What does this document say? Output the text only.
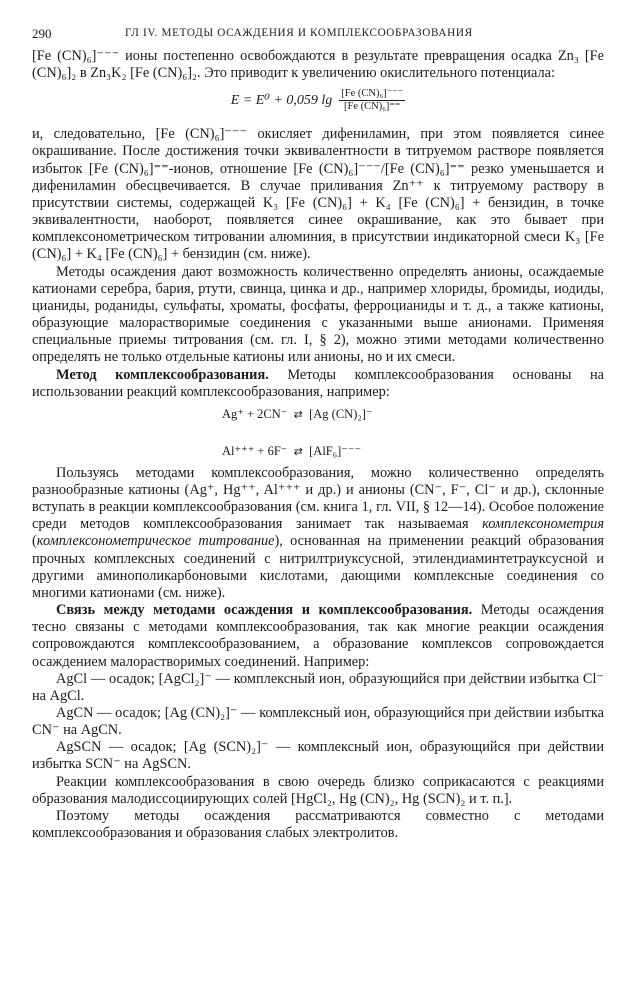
290	ГЛ IV. МЕТОДЫ ОСАЖДЕНИЯ И КОМПЛЕКСООБРАЗОВАНИЯ

[Fe (CN)₆]⁻⁻⁻ ионы постепенно освобождаются в результате превращения осадка Zn₃ [Fe (CN)₆]₂ в Zn₃K₂ [Fe (CN)₆]₂. Это приводит к увеличению окислительного потенциала:

E = E⁰ + 0,059 $\lg \frac{\text{[Fe (CN)₆]⁻⁻⁻}}{\text{[Fe (CN)₆]⁼⁼}}$

и, следовательно, [Fe (CN)₆]⁻⁻⁻ окисляет дифениламин, при этом появляется синее окрашивание. После достижения точки эквивалентности в титруемом растворе появляется избыток [Fe (CN)₆]⁼⁼-ионов, отношение [Fe (CN)₆]⁻⁻⁻/[Fe (CN)₆]⁼⁼ резко уменьшается и дифениламин обесцвечивается. В случае приливания Zn⁺⁺ к титруемому раствору в присутствии системы, содержащей K₃ [Fe (CN)₆] + K₄ [Fe (CN)₆] + бензидин, в точке эквивалентности, наоборот, появляется синее окрашивание, как это бывает при комплексонометрическом титровании алюминия, в присутствии индикаторной смеси K₃ [Fe (CN)₆] + K₄ [Fe (CN)₆] + бензидин (см. ниже).

Методы осаждения дают возможность количественно определять анионы, осаждаемые катионами серебра, бария, ртути, свинца, цинка и др., например хлориды, бромиды, иодиды, цианиды, роданиды, сульфаты, хроматы, фосфаты, ферроцианиды и т. д., а также катионы, образующие малорастворимые соединения с указанными выше анионами. Применяя специальные приемы титрования (см. гл. I, § 2), можно этими методами количественно определять не только отдельные катионы или анионы, но и их смеси.

Метод комплексообразования. Методы комплексообразования основаны на использовании реакций комплексообразования, например:

Ag⁺ + 2CN⁻ ⇄ [Ag (CN)₂]⁻
Al⁺⁺⁺ + 6F⁻ ⇄ [AlF₆]⁻⁻⁻

Пользуясь методами комплексообразования, можно количественно определять разнообразные катионы (Ag⁺, Hg⁺⁺, Al⁺⁺⁺ и др.) и анионы (CN⁻, F⁻, Cl⁻ и др.), склонные вступать в реакции комплексообразования (см. книга 1, гл. VII, § 12—14). Особое положение среди методов комплексообразования занимает так называемая комплексонометрия (комплексонометрическое титрование), основанная на применении реакций образования прочных комплексных соединений с нитрилтриуксусной, этилендиаминтетрауксусной и другими аминополикарбоновыми кислотами, дающими комплексные соединения со многими катионами (см. ниже).

Связь между методами осаждения и комплексообразования. Методы осаждения тесно связаны с методами комплексообразования, так как многие реакции осаждения сопровождаются комплексообразованием, а образование комплексов сопровождается осаждением малорастворимых соединений. Например:

AgCl — осадок; [AgCl₂]⁻ — комплексный ион, образующийся при действии избытка Cl⁻ на AgCl.

AgCN — осадок; [Ag (CN)₂]⁻ — комплексный ион, образующийся при действии избытка CN⁻ на AgCN.

AgSCN — осадок; [Ag (SCN)₂]⁻ — комплексный ион, образующийся при действии избытка SCN⁻ на AgSCN.

Реакции комплексообразования в свою очередь близко соприкасаются с реакциями образования малодиссоциирующих солей [HgCl₂, Hg (CN)₂, Hg (SCN)₂ и т. п.].

Поэтому методы осаждения рассматриваются совместно с методами комплексообразования и образования слабых электролитов.
